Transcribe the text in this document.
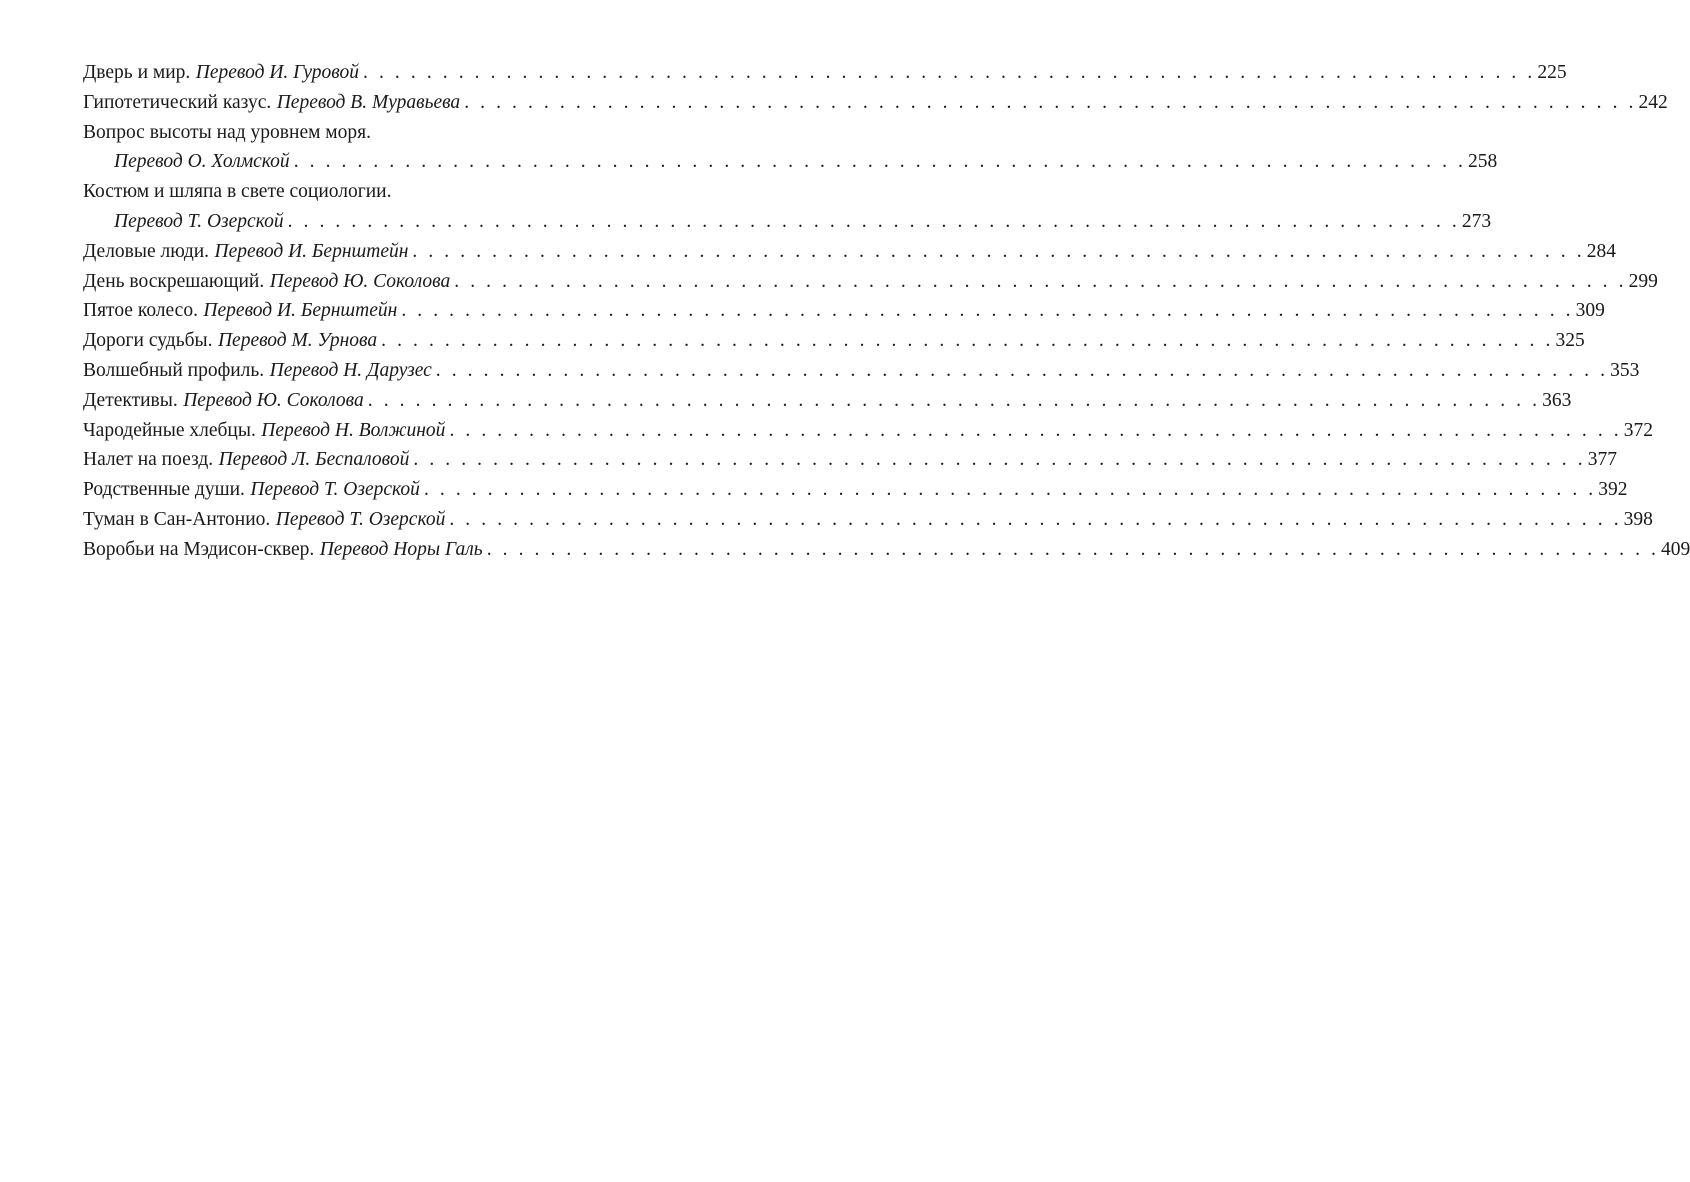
Дверь и мир. Перевод И. Гуровой . . . . . . . . . . . . . . . . . . . . . . . . . . . . . . . . . . . . . . . . . . . . . . . . . . . . . . . . . . . . . . . . . . . . . . . . . . 225
Гипотетический казус. Перевод В. Муравьева . . . . . . . . . . . . . . . . . . . . . . . . . . . . . . . . . . . . . . . . . . . . . . . . . . . . . . . . . . . . . . . . . . . . . . . . . . 242
Вопрос высоты над уровнем моря.
Перевод О. Холмской . . . . . . . . . . . . . . . . . . . . . . . . . . . . . . . . . . . . . . . . . . . . . . . . . . . . . . . . . . . . . . . . . . . . . . . . . . 258
Костюм и шляпа в свете социологии.
Перевод Т. Озерской . . . . . . . . . . . . . . . . . . . . . . . . . . . . . . . . . . . . . . . . . . . . . . . . . . . . . . . . . . . . . . . . . . . . . . . . . . 273
Деловые люди. Перевод И. Бернштейн . . . . . . . . . . . . . . . . . . . . . . . . . . . . . . . . . . . . . . . . . . . . . . . . . . . . . . . . . . . . . . . . . . . . . . . . . . 284
День воскрешающий. Перевод Ю. Соколова . . . . . . . . . . . . . . . . . . . . . . . . . . . . . . . . . . . . . . . . . . . . . . . . . . . . . . . . . . . . . . . . . . . . . . . . . . 299
Пятое колесо. Перевод И. Бернштейн . . . . . . . . . . . . . . . . . . . . . . . . . . . . . . . . . . . . . . . . . . . . . . . . . . . . . . . . . . . . . . . . . . . . . . . . . . 309
Дороги судьбы. Перевод М. Урнова . . . . . . . . . . . . . . . . . . . . . . . . . . . . . . . . . . . . . . . . . . . . . . . . . . . . . . . . . . . . . . . . . . . . . . . . . . 325
Волшебный профиль. Перевод Н. Дарузес . . . . . . . . . . . . . . . . . . . . . . . . . . . . . . . . . . . . . . . . . . . . . . . . . . . . . . . . . . . . . . . . . . . . . . . . . . 353
Детективы. Перевод Ю. Соколова . . . . . . . . . . . . . . . . . . . . . . . . . . . . . . . . . . . . . . . . . . . . . . . . . . . . . . . . . . . . . . . . . . . . . . . . . . 363
Чародейные хлебцы. Перевод Н. Волжиной . . . . . . . . . . . . . . . . . . . . . . . . . . . . . . . . . . . . . . . . . . . . . . . . . . . . . . . . . . . . . . . . . . . . . . . . . . 372
Налет на поезд. Перевод Л. Беспаловой . . . . . . . . . . . . . . . . . . . . . . . . . . . . . . . . . . . . . . . . . . . . . . . . . . . . . . . . . . . . . . . . . . . . . . . . . . 377
Родственные души. Перевод Т. Озерской . . . . . . . . . . . . . . . . . . . . . . . . . . . . . . . . . . . . . . . . . . . . . . . . . . . . . . . . . . . . . . . . . . . . . . . . . . 392
Туман в Сан-Антонио. Перевод Т. Озерской . . . . . . . . . . . . . . . . . . . . . . . . . . . . . . . . . . . . . . . . . . . . . . . . . . . . . . . . . . . . . . . . . . . . . . . . . . 398
Воробьи на Мэдисон-сквер. Перевод Норы Галь . . . . . . . . . . . . . . . . . . . . . . . . . . . . . . . . . . . . . . . . . . . . . . . . . . . . . . . . . . . . . . . . . . . . . . . . . . 409
